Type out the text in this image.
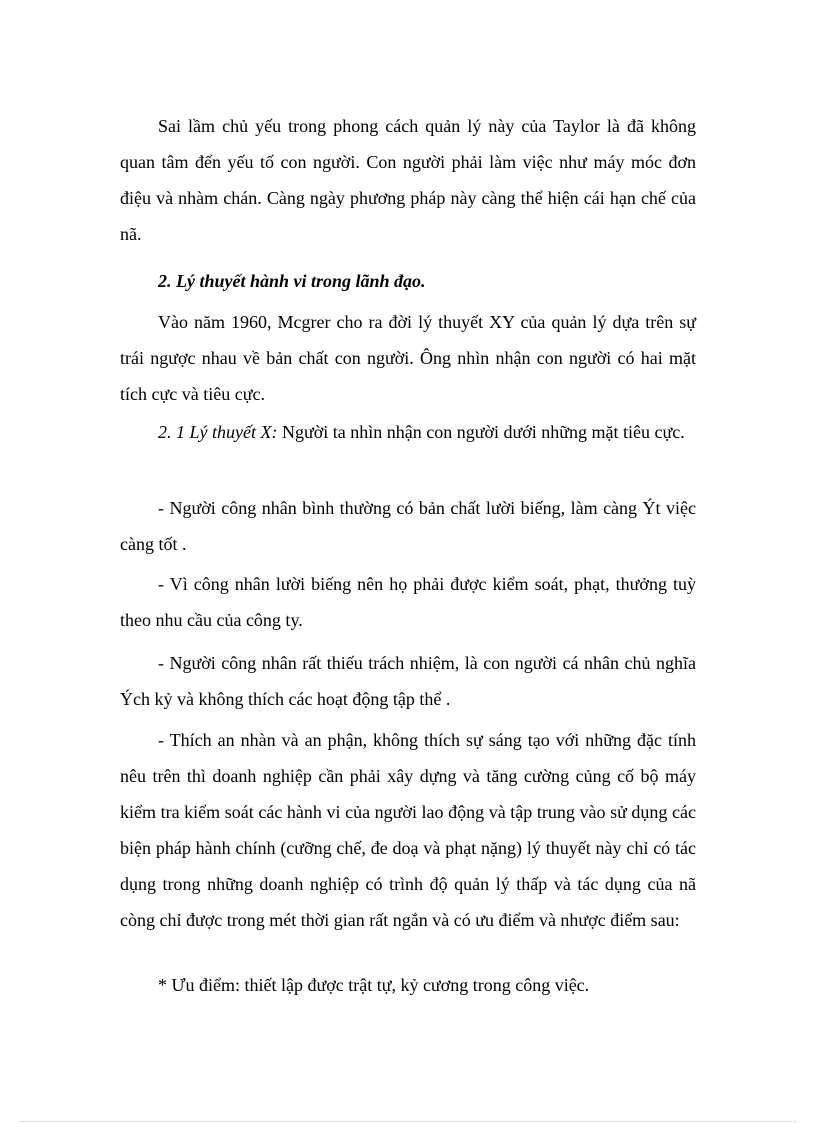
Sai lầm chủ yếu trong phong cách quản lý này của Taylor là đã không quan tâm đến yếu tố con người. Con người phải làm việc như máy móc đơn điệu và nhàm chán. Càng ngày phương pháp này càng thể hiện cái hạn chế của nã.

2. Lý thuyết hành vi trong lãnh đạo.

Vào năm 1960, Mcgrer cho ra đời lý thuyết XY của quản lý dựa trên sự trái ngược nhau về bản chất con người. Ông nhìn nhận con người có hai mặt tích cực và tiêu cực.

2. 1 Lý thuyết X: Người ta nhìn nhận con người dưới những mặt tiêu cực.

- Người công nhân bình thường có bản chất lười biếng, làm càng Ýt việc càng tốt .

- Vì công nhân lười biếng nên họ phải được kiểm soát, phạt, thưởng tuỳ theo nhu cầu của công ty.

- Người công nhân rất thiếu trách nhiệm, là con người cá nhân chủ nghĩa Ých kỷ và không thích các hoạt động tập thể .

- Thích an nhàn và an phận, không thích sự sáng tạo với những đặc tính nêu trên thì doanh nghiệp cần phải xây dựng và tăng cường củng cố bộ máy kiểm tra kiểm soát các hành vi của người lao động và tập trung vào sử dụng các biện pháp hành chính (cưỡng chế, đe doạ và phạt nặng) lý thuyết này chỉ có tác dụng trong những doanh nghiệp có trình độ quản lý thấp và tác dụng của nã còng chỉ được trong mét thời gian rất ngắn và có ưu điểm và nhược điểm sau:

* Ưu điểm: thiết lập được trật tự, kỷ cương trong công việc.
